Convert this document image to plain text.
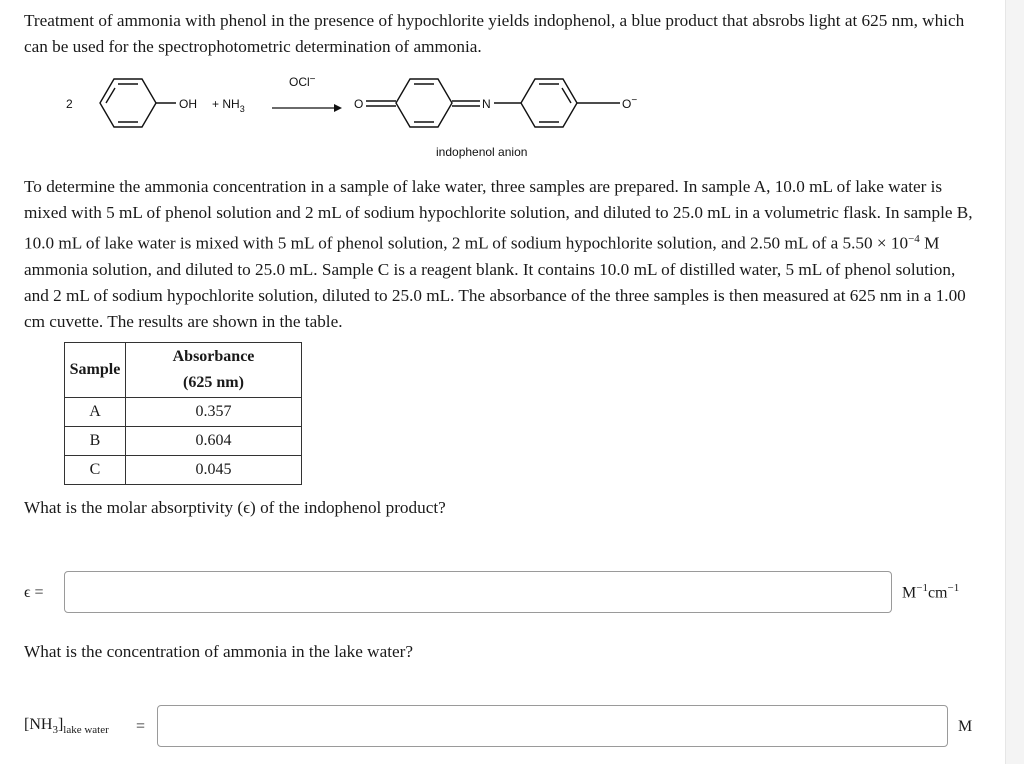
Treatment of ammonia with phenol in the presence of hypochlorite yields indophenol, a blue product that absrobs light at 625 nm, which can be used for the spectrophotometric determination of ammonia.

2	OH + $NH_3$
OCl−
O	N	O−
indophenol anion

To determine the ammonia concentration in a sample of lake water, three samples are prepared. In sample A, 10.0 mL of lake water is mixed with 5 mL of phenol solution and 2 mL of sodium hypochlorite solution, and diluted to 25.0 mL in a volumetric flask. In sample B, 10.0 mL of lake water is mixed with 5 mL of phenol solution, 2 mL of sodium hypochlorite solution, and 2.50 mL of a $5.50 \times 10^{-4}$ M ammonia solution, and diluted to 25.0 mL. Sample C is a reagent blank. It contains 10.0 mL of distilled water, 5 mL of phenol solution, and 2 mL of sodium hypochlorite solution, diluted to 25.0 mL. The absorbance of the three samples is then measured at 625 nm in a 1.00 cm cuvette. The results are shown in the table.

Sample	Absorbance
(625 nm)
A	0.357
B	0.604
C	0.045

What is the molar absorptivity (ϵ) of the indophenol product?

ϵ =	$M^{-1}cm^{-1}$

What is the concentration of ammonia in the lake water?

$[NH_3]_{lake water}$ =	M
